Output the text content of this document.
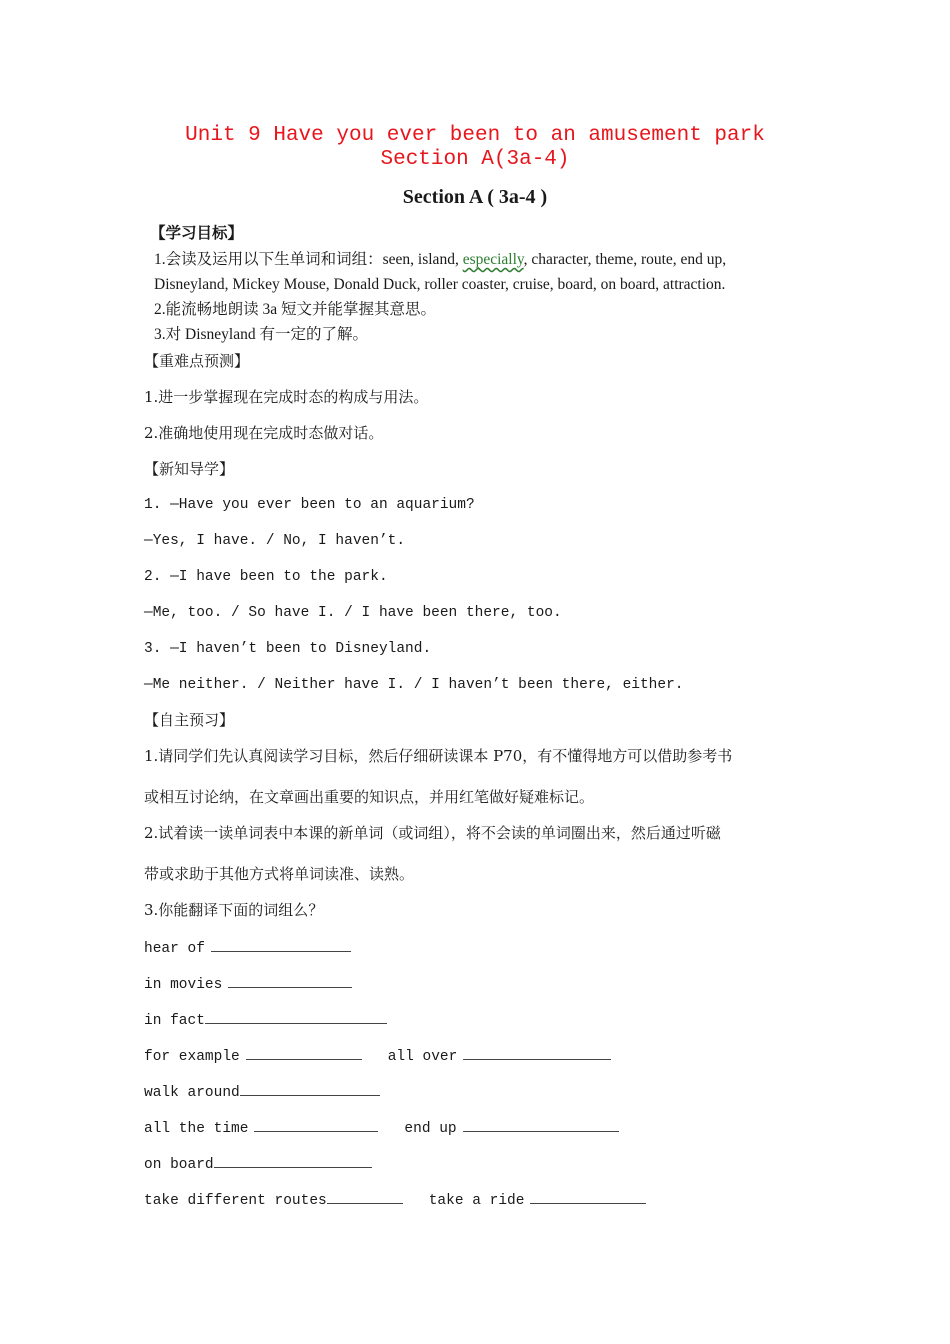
Unit 9 Have you ever been to an amusement park Section A(3a-4)
Section A ( 3a-4 )
【学习目标】
1.会读及运用以下生单词和词组：seen, island, especially, character, theme, route, end up,
Disneyland, Mickey Mouse, Donald Duck, roller coaster, cruise, board, on board, attraction.
2.能流畅地朗读 3a 短文并能掌握其意思。
3.对 Disneyland 有一定的了解。
【重难点预测】
1.进一步掌握现在完成时态的构成与用法。
2.准确地使用现在完成时态做对话。
【新知导学】
1. —Have you ever been to an aquarium?
—Yes, I have. / No, I haven’t.
2. —I have been to the park.
—Me, too. / So have I. / I have been there, too.
3. —I haven’t been to Disneyland.
—Me neither. / Neither have I. / I haven’t been there, either.
【自主预习】
1.请同学们先认真阅读学习目标，然后仔细研读课本 P70，有不懂得地方可以借助参考书
或相互讨论纳，在文章画出重要的知识点，并用红笔做好疑难标记。
2.试着读一读单词表中本课的新单词（或词组），将不会读的单词圈出来，然后通过听磁
带或求助于其他方式将单词读准、读熟。
3.你能翻译下面的词组么？
hear of
in movies
in fact
for example	all over
walk around
all the time	end up
on board
take different routes	take a ride
